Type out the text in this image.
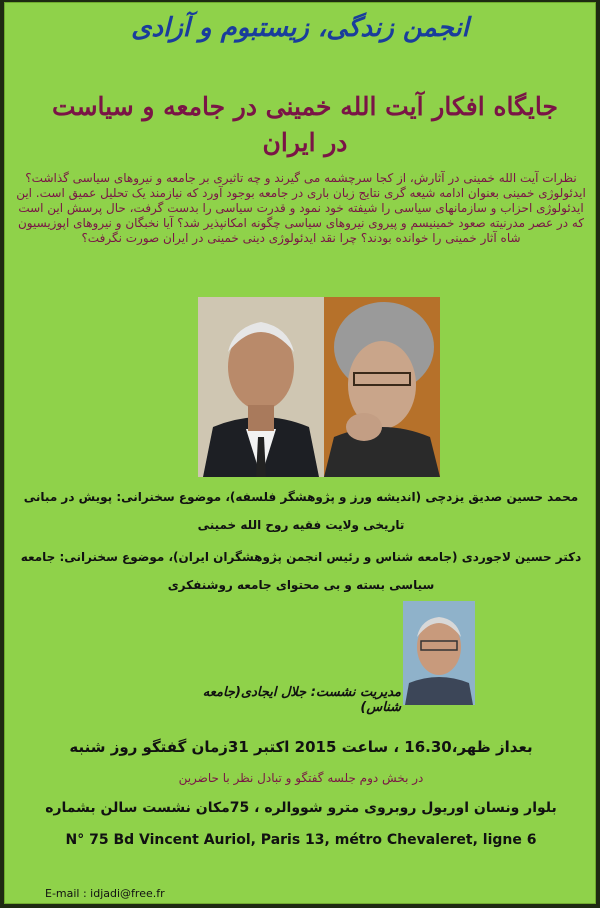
انجمن زندگی، زیستبوم و آزادی
جایگاه افکار آیت الله خمینی در جامعه و سیاست در ایران
نظرات آیت الله خمینی در آثارش، از کجا سرچشمه می گیرند و چه تاثیری بر جامعه و نیروهای سیاسی گذاشت؟ ایدئولوژی خمینی بعنوان ادامه شیعه گری نتایج زبان باری در جامعه بوجود آورد که نیازمند یک تحلیل عمیق است. این ایدئولوژی احزاب و سازمانهای سیاسی را شیفته خود نمود و قدرت سیاسی را بدست گرفت، حال پرسش این است که در عصر مدرنیته صعود خمینیسم و پیروی نیروهای سیاسی چگونه امکانپذیر شد؟ آیا نخبگان و نیروهای اپوزیسیون شاه آثار خمینی را خوانده بودند؟ چرا نقد ایدئولوژی دینی خمینی در ایران صورت نگرفت؟
محمد حسین صدیق یزدچی (اندیشه ورز و پژوهشگر فلسفه)، موضوع سخنرانی: پویش در مبانی تاریخی ولایت فقیه روح الله خمینی
دکتر حسین لاجوردی (جامعه شناس و رئیس انجمن پژوهشگران ایران)، موضوع سخنرانی: جامعه سیاسی بسته و بی محتوای جامعه روشنفکری
مدیریت نشست: جلال ایجادی(جامعه شناس)
بعداز ظهر،16.30 ، ساعت 2015 اکتبر 31زمان گفتگو روز شنبه
در بخش دوم جلسه گفتگو و تبادل نظر با حاضرین
بلوار ونسان اوریول روبروی مترو شووالره ، 75مکان نشست سالن بشماره
N° 75 Bd Vincent Auriol, Paris 13, métro Chevaleret, ligne 6
E-mail : idjadi@free.fr
